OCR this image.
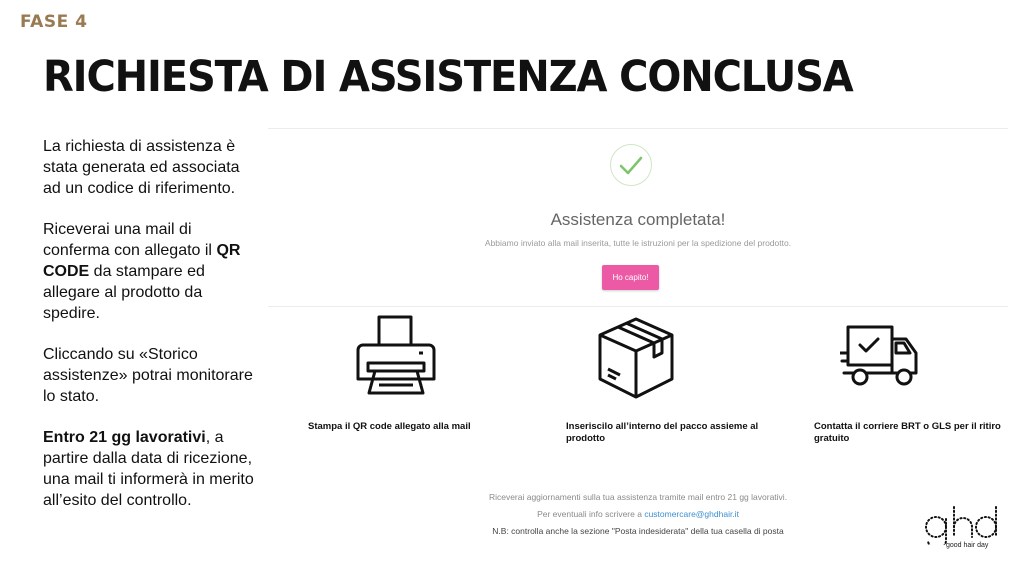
FASE 4
RICHIESTA DI ASSISTENZA CONCLUSA

La richiesta di assistenza è stata generata ed associata ad un codice di riferimento.

Riceverai una mail di conferma con allegato il QR CODE da stampare ed allegare al prodotto da spedire.

Cliccando su «Storico assistenze» potrai monitorare lo stato.

Entro 21 gg lavorativi, a partire dalla data di ricezione, una mail ti informerà in merito all’esito del controllo.

Assistenza completata!
Abbiamo inviato alla mail inserita, tutte le istruzioni per la spedizione del prodotto.
Ho capito!
Stampa il QR code allegato alla mail	Inseriscilo all’interno del pacco assieme al prodotto
Contatta il corriere BRT o GLS per il ritiro gratuito
Riceverai aggiornamenti sulla tua assistenza tramite mail entro 21 gg lavorativi.
Per eventuali info scrivere a customercare@ghdhair.it
N.B: controlla anche la sezione "Posta indesiderata" della tua casella di posta
good hair day
